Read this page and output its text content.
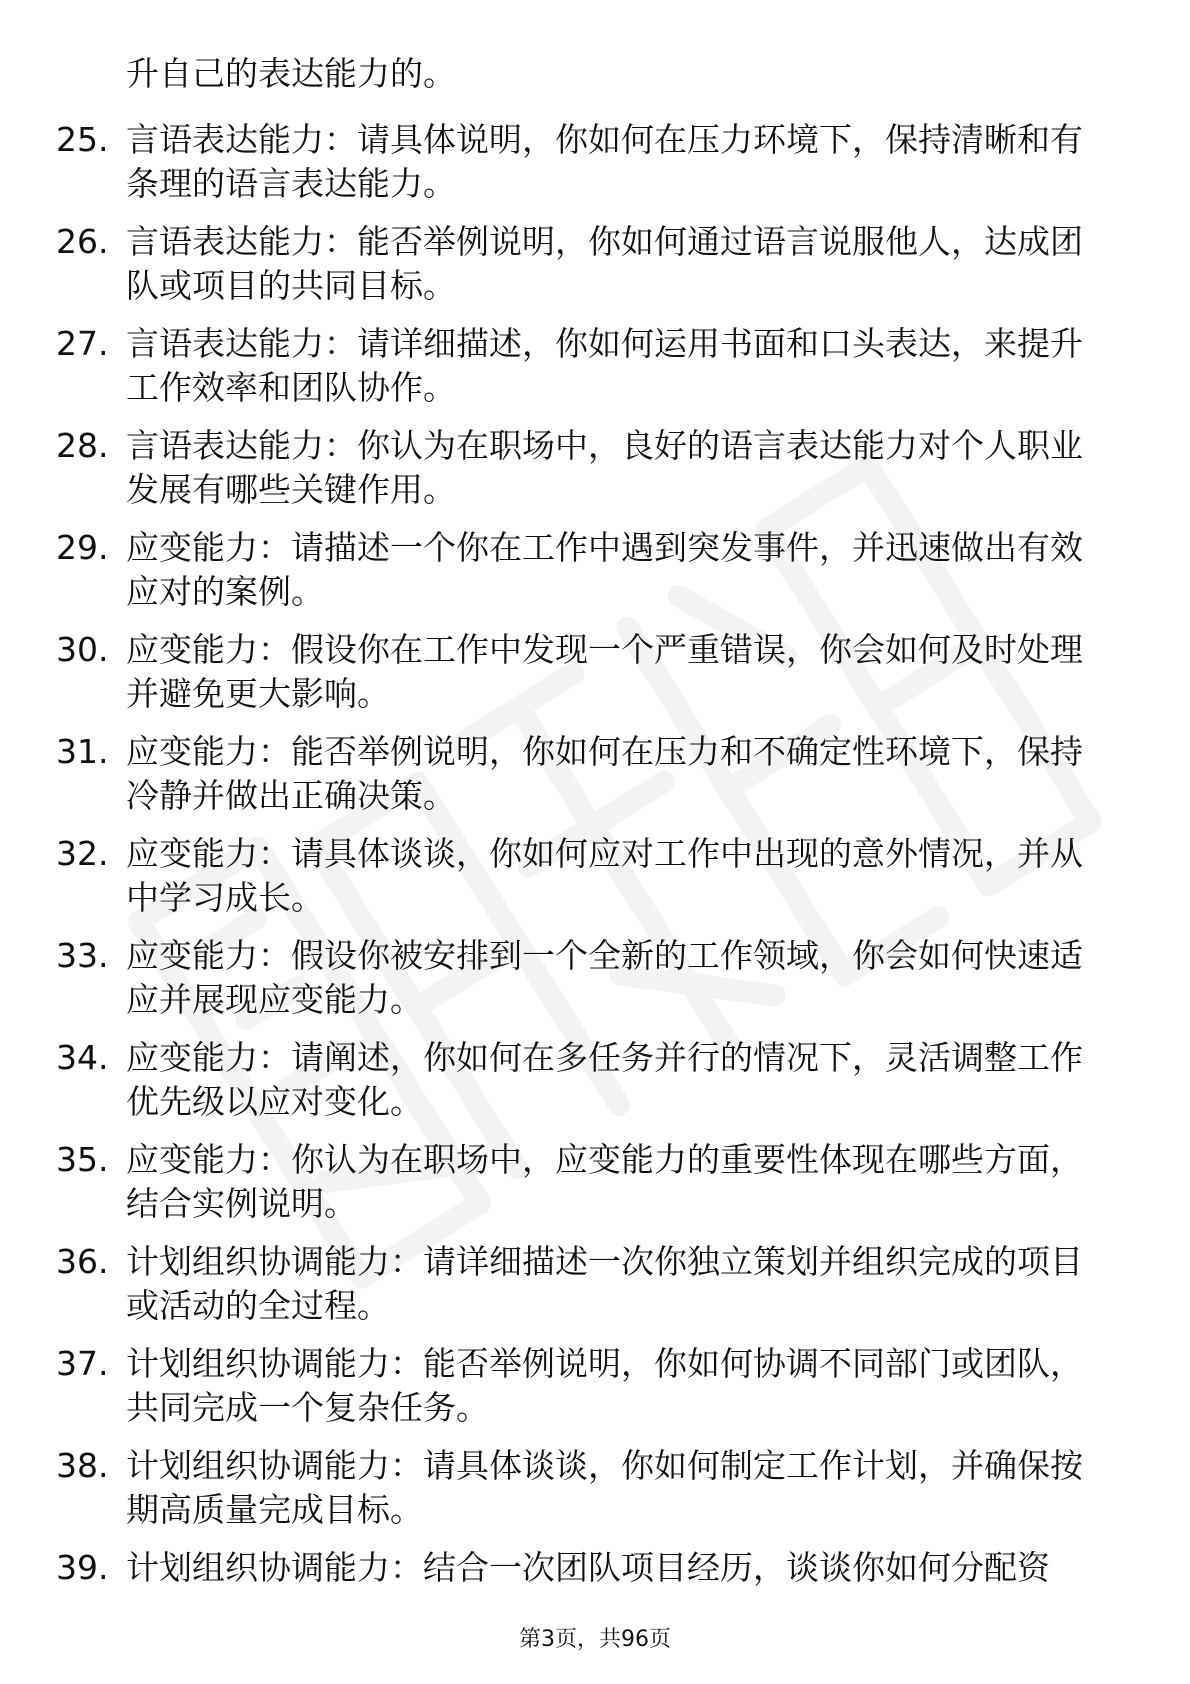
升自己的表达能力的。
25. 言语表达能力：请具体说明，你如何在压力环境下，保持清晰和有条理的语言表达能力。
26. 言语表达能力：能否举例说明，你如何通过语言说服他人，达成团队或项目的共同目标。
27. 言语表达能力：请详细描述，你如何运用书面和口头表达，来提升工作效率和团队协作。
28. 言语表达能力：你认为在职场中，良好的语言表达能力对个人职业发展有哪些关键作用。
29. 应变能力：请描述一个你在工作中遇到突发事件，并迅速做出有效应对的案例。
30. 应变能力：假设你在工作中发现一个严重错误，你会如何及时处理并避免更大影响。
31. 应变能力：能否举例说明，你如何在压力和不确定性环境下，保持冷静并做出正确决策。
32. 应变能力：请具体谈谈，你如何应对工作中出现的意外情况，并从中学习成长。
33. 应变能力：假设你被安排到一个全新的工作领域，你会如何快速适应并展现应变能力。
34. 应变能力：请阐述，你如何在多任务并行的情况下，灵活调整工作优先级以应对变化。
35. 应变能力：你认为在职场中，应变能力的重要性体现在哪些方面，结合实例说明。
36. 计划组织协调能力：请详细描述一次你独立策划并组织完成的项目或活动的全过程。
37. 计划组织协调能力：能否举例说明，你如何协调不同部门或团队，共同完成一个复杂任务。
38. 计划组织协调能力：请具体谈谈，你如何制定工作计划，并确保按期高质量完成目标。
39. 计划组织协调能力：结合一次团队项目经历，谈谈你如何分配资
第3页，共96页
